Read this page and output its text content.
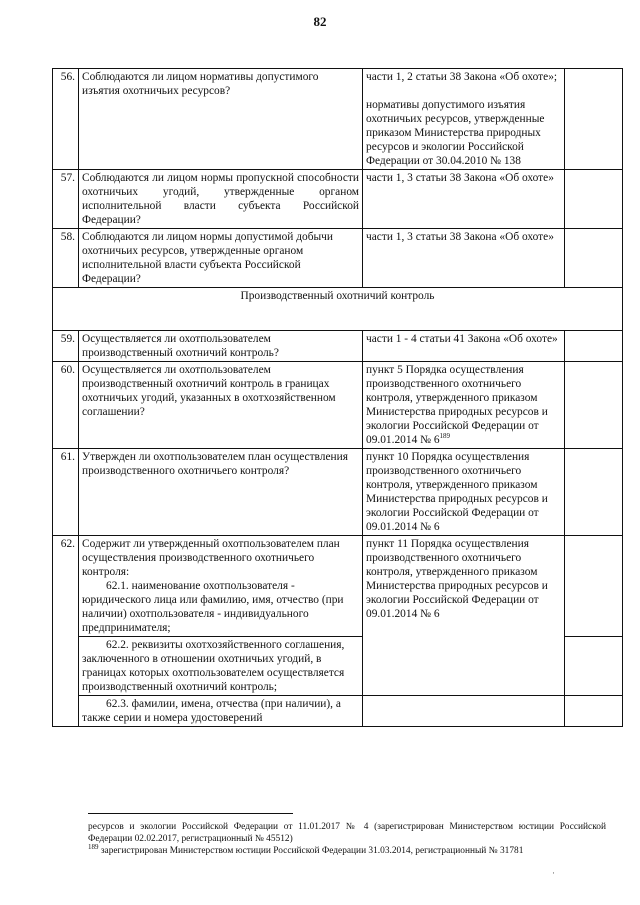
82
56.	Соблюдаются ли лицом нормативы допустимого изъятия охотничьих ресурсов?	части 1, 2 статьи 38 Закона «Об охоте»;
нормативы допустимого изъятия охотничьих ресурсов, утвержденные приказом Министерства природных ресурсов и экологии Российской Федерации от 30.04.2010 № 138	

57.	Соблюдаются ли лицом нормы пропускной способности охотничьих угодий, утвержденные органом исполнительной власти субъекта Российской Федерации?	части 1, 3 статьи 38 Закона «Об охоте»	
58.	Соблюдаются ли лицом нормы допустимой добычи охотничьих ресурсов, утвержденные органом исполнительной власти субъекта Российской Федерации?	части 1, 3 статьи 38 Закона «Об охоте»	
Производственный охотничий контроль			
59.	Осуществляется ли охотпользователем производственный охотничий контроль?	части 1 - 4 статьи 41 Закона «Об охоте»	
60.	Осуществляется ли охотпользователем производственный охотничий контроль в границах охотничьих угодий, указанных в охотхозяйственном соглашении?	пункт 5 Порядка осуществления производственного охотничьего контроля, утвержденного приказом Министерства природных ресурсов и экологии Российской Федерации от 09.01.2014 № $6^{189}$	
61.	Утвержден ли охотпользователем план осуществления производственного охотничьего контроля?	пункт 10 Порядка осуществления производственного охотничьего контроля, утвержденного приказом Министерства природных ресурсов и экологии Российской Федерации от 09.01.2014 № 6	
62.	Содержит ли утвержденный охотпользователем план осуществления производственного охотничьего контроля:
62.1. наименование охотпользователя - юридического лица или фамилию, имя, отчество (при наличии) охотпользователя - индивидуального предпринимателя;	пункт 11 Порядка осуществления производственного охотничьего контроля, утвержденного приказом Министерства природных ресурсов и экологии Российской Федерации от 09.01.2014 № 6	

	62.2. реквизиты охотхозяйственного соглашения, заключенного в отношении охотничьих угодий, в границах которых охотпользователем осуществляется производственный охотничий контроль;		

	62.3. фамилии, имена, отчества (при наличии), а также серии и номера удостоверений		

ресурсов и экологии Российской Федерации от 11.01.2017 № 4 (зарегистрирован Министерством юстиции Российской Федерации 02.02.2017, регистрационный № 45512)
$^{189}$ зарегистрирован Министерством юстиции Российской Федерации 31.03.2014, регистрационный № 31781
·
